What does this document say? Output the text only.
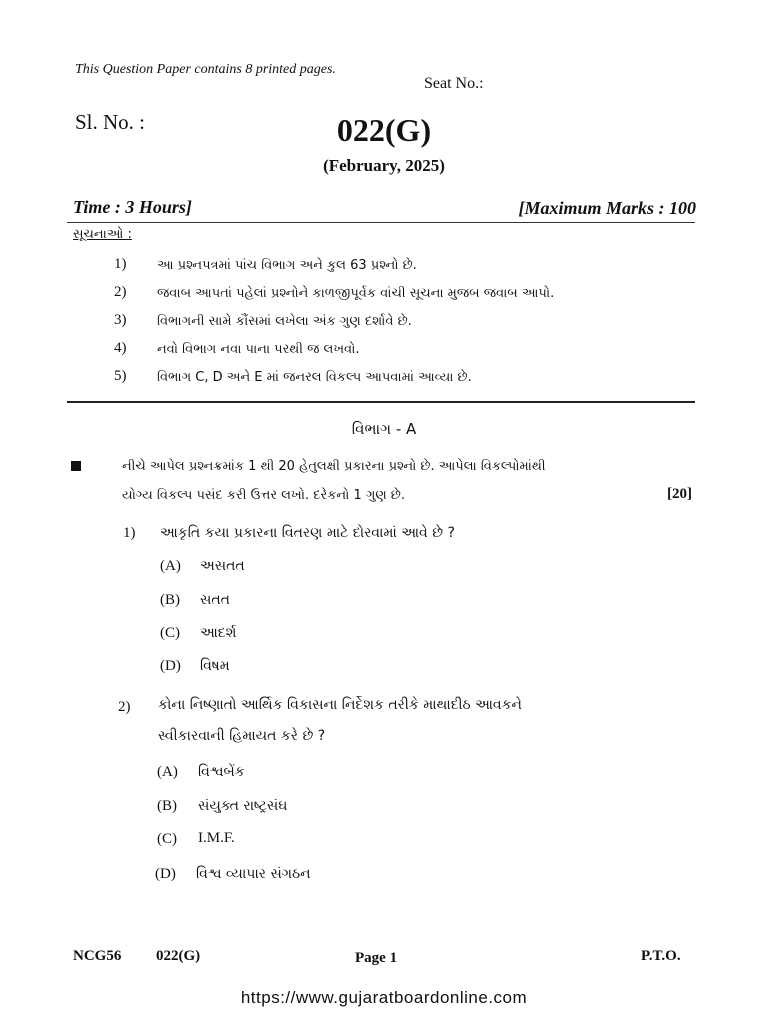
This Question Paper contains 8 printed pages.
Seat No.:
Sl. No. :	022(G)
(February, 2025)
Time : 3 Hours]	[Maximum Marks : 100
સૂચનાઓ :
1) આ પ્રશ્નપત્રમાં પાંચ વિભાગ અને કુલ 63 પ્રશ્નો છે.
2) જવાબ આપતાં પહેલાં પ્રશ્નોને કાળજીપૂર્વક વાંચી સૂચના મુજબ જવાબ આપો.
3) વિભાગની સામે કૌંસમાં લખેલા અંક ગુણ દર્શાવે છે.
4) નવો વિભાગ નવા પાના પરથી જ લખવો.
5) વિભાગ C, D અને E માં જનરલ વિકલ્પ આપવામાં આવ્યા છે.
વિભાગ - A
નીચે આપેલ પ્રશ્નક્રમાંક 1 થી 20 હેતુલક્ષી પ્રકારના પ્રશ્નો છે. આપેલા વિકલ્પોમાંથી
યોગ્ય વિકલ્પ પસંદ કરી ઉત્તર લખો. દરેકનો 1 ગુણ છે.	[20]
1) આકૃતિ કયા પ્રકારના વિતરણ માટે દોરવામાં આવે છે ?
(A) અસતત
(B) સતત
(C) આદર્શ
(D) વિષમ
2) કોના નિષ્ણાતો આર્થિક વિકાસના નિર્દેશક તરીકે માથાદીઠ આવકને
સ્વીકારવાની હિમાયત કરે છે ?
(A) વિશ્વબેંક
(B) સંયુક્ત રાષ્ટ્રસંઘ
(C) I.M.F.
(D) વિશ્વ વ્યાપાર સંગઠન
NCG56 022(G)	Page 1	P.T.O.
https://www.gujaratboardonline.com
